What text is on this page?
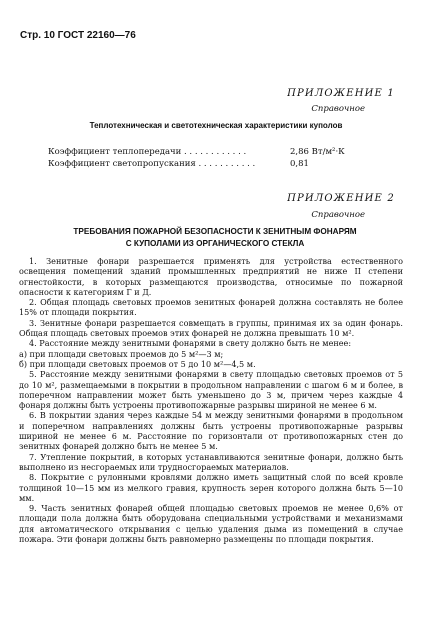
Стр. 10 ГОСТ 22160—76
ПРИЛОЖЕНИЕ 1
Справочное
Теплотехническая и светотехническая характеристики куполов
Коэффициент теплопередачи . . . . . . . . . . . .	2,86 Вт/м²·К
Коэффициент светопропускания . . . . . . . . . . .	0,81
ПРИЛОЖЕНИЕ 2
Справочное
ТРЕБОВАНИЯ ПОЖАРНОЙ БЕЗОПАСНОСТИ К ЗЕНИТНЫМ ФОНАРЯМ
С КУПОЛАМИ ИЗ ОРГАНИЧЕСКОГО СТЕКЛА

1. Зенитные фонари разрешается применять для устройства естественного освещения помещений зданий промышленных предприятий не ниже II степени огнестойкости, в которых размещаются производства, относимые по пожарной опасности к категориям Г и Д.

2. Общая площадь световых проемов зенитных фонарей должна составлять не более 15% от площади покрытия.

3. Зенитные фонари разрешается совмещать в группы, принимая их за один фонарь. Общая площадь световых проемов этих фонарей не должна превышать 10 м².

4. Расстояние между зенитными фонарями в свету должно быть не менее:

а) при площади световых проемов до 5 м²—3 м;

б) при площади световых проемов от 5 до 10 м²—4,5 м.

5. Расстояние между зенитными фонарями в свету площадью световых проемов от 5 до 10 м², размещаемыми в покрытии в продольном направлении с шагом 6 м и более, в поперечном направлении может быть уменьшено до 3 м, причем через каждые 4 фонаря должны быть устроены противопожарные разрывы шириной не менее 6 м.

6. В покрытии здания через каждые 54 м между зенитными фонарями в продольном и поперечном направлениях должны быть устроены противопожарные разрывы шириной не менее 6 м. Расстояние по горизонтали от противопожарных стен до зенитных фонарей должно быть не менее 5 м.

7. Утепление покрытий, в которых устанавливаются зенитные фонари, должно быть выполнено из несгораемых или трудносгораемых материалов.

8. Покрытие с рулонными кровлями должно иметь защитный слой по всей кровле толщиной 10—15 мм из мелкого гравия, крупность зерен которого должна быть 5—10 мм.

9. Часть зенитных фонарей общей площадью световых проемов не менее 0,6% от площади пола должна быть оборудована специальными устройствами и механизмами для автоматического открывания с целью удаления дыма из помещений в случае пожара. Эти фонари должны быть равномерно размещены по площади покрытия.
